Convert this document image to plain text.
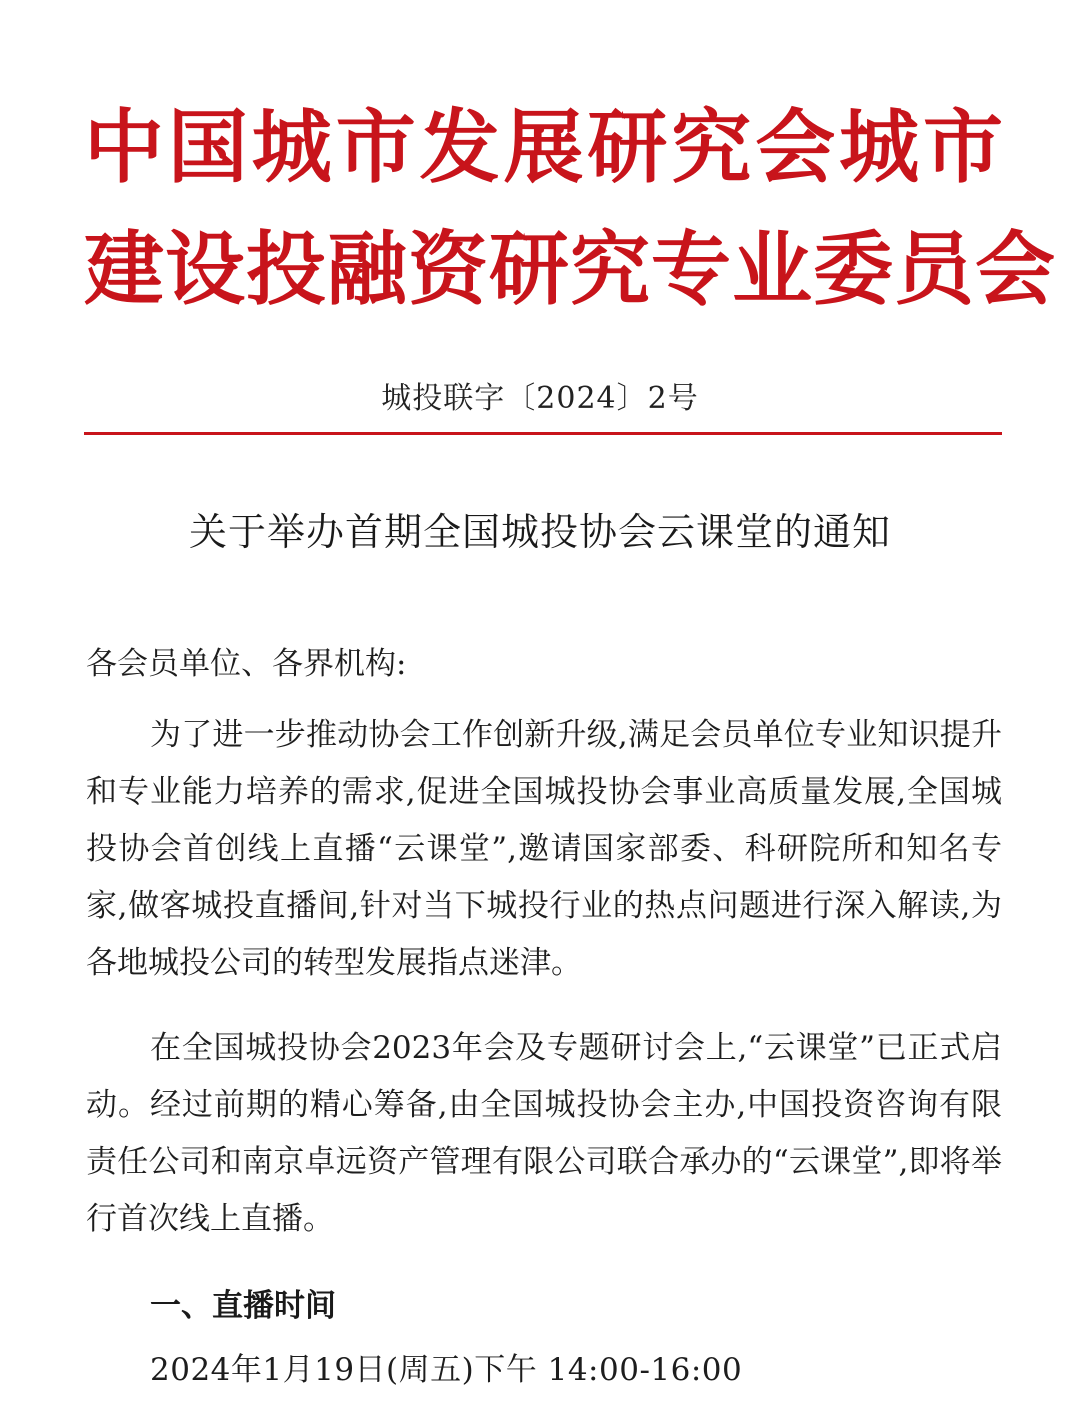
中国城市发展研究会城市
建设投融资研究专业委员会
城投联字〔2024〕2号
关于举办首期全国城投协会云课堂的通知
各会员单位、各界机构:

为了进一步推动协会工作创新升级,满足会员单位专业知识提升和专业能力培养的需求,促进全国城投协会事业高质量发展,全国城投协会首创线上直播“云课堂”,邀请国家部委、科研院所和知名专家,做客城投直播间,针对当下城投行业的热点问题进行深入解读,为各地城投公司的转型发展指点迷津。

在全国城投协会2023年会及专题研讨会上,“云课堂”已正式启动。经过前期的精心筹备,由全国城投协会主办,中国投资咨询有限责任公司和南京卓远资产管理有限公司联合承办的“云课堂”,即将举行首次线上直播。

一、直播时间
2024年1月19日(周五)下午 14:00-16:00
